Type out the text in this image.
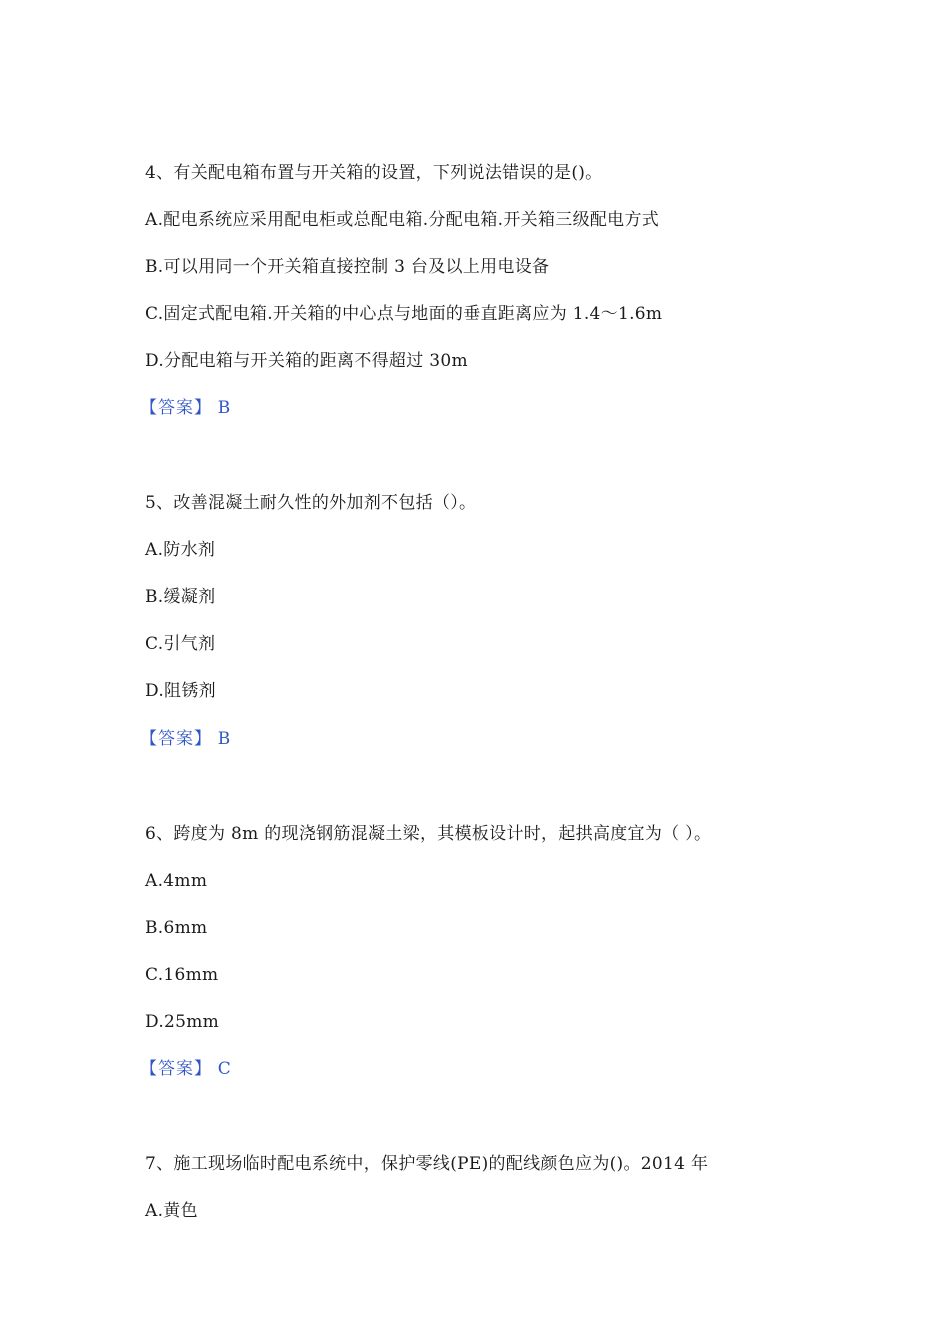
4、有关配电箱布置与开关箱的设置，下列说法错误的是()。
A.配电系统应采用配电柜或总配电箱.分配电箱.开关箱三级配电方式
B.可以用同一个开关箱直接控制 3 台及以上用电设备
C.固定式配电箱.开关箱的中心点与地面的垂直距离应为 1.4～1.6m
D.分配电箱与开关箱的距离不得超过 30m
【答案】 B
5、改善混凝土耐久性的外加剂不包括（）。
A.防水剂
B.缓凝剂
C.引气剂
D.阻锈剂
【答案】 B
6、跨度为 8m 的现浇钢筋混凝土梁，其模板设计时，起拱高度宜为（ ）。
A.4mm
B.6mm
C.16mm
D.25mm
【答案】 C
7、施工现场临时配电系统中，保护零线(PE)的配线颜色应为()。2014 年
A.黄色
